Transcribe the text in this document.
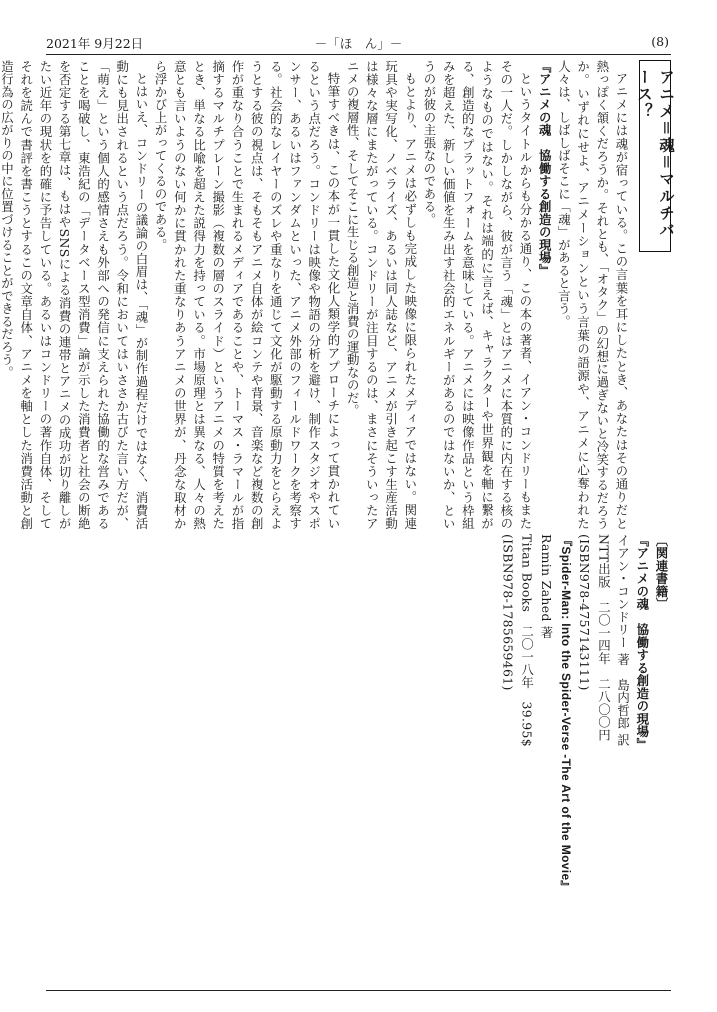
2021年 9月22日	－「ほ　ん」－	(8)
アニメ＝魂＝マルチバース？

アニメには魂が宿っている。この言葉を耳にしたとき、あなたはその通りだと熱っぽく頷くだろうか。それとも、「オタク」の幻想に過ぎないと冷笑するだろうか。いずれにせよ、アニメーションという言葉の語源や、アニメに心奪われた人々は、しばしばそこに「魂」があると言う。

『アニメの魂　協働する創造の現場』

というタイトルからも分かる通り、この本の著者、イアン・コンドリーもまたその一人だ。しかしながら、彼が言う「魂」とはアニメに本質的に内在する核のようなものではない。それは端的に言えば、キャラクターや世界観を軸に繋がる、創造的なプラットフォームを意味している。アニメには映像作品という枠組みを超えた、新しい価値を生み出す社会的エネルギーがあるのではないか、というのが彼の主張なのである。

もとより、アニメは必ずしも完成した映像に限られたメディアではない。関連玩具や実写化、ノベライズ、あるいは同人誌など、アニメが引き起こす生産活動は様々な層にまたがっている。コンドリーが注目するのは、まさにそういったアニメの複層性、そしてそこに生じる創造と消費の運動なのだ。

特筆すべきは、この本が一貫した文化人類学的アプローチによって貫かれているという点だろう。コンドリーは映像や物語の分析を避け、制作スタジオやスポンサー、あるいはファンダムといった、アニメ外部のフィールドワークを考察する。社会的なレイヤーのズレや重なりを通じて文化が駆動する原動力をとらえようとする彼の視点は、そもそもアニメ自体が絵コンテや背景、音楽など複数の創作が重なり合うことで生まれるメディアであることや、トーマス・ラマールが指摘するマルチプレーン撮影（複数の層のスライド）というアニメの特質を考えたとき、単なる比喩を超えた説得力を持っている。市場原理とは異なる、人々の熱意とも言いようのない何かに貫かれた重なりあうアニメの世界が、丹念な取材から浮かび上がってくるのである。

とはいえ、コンドリーの議論の白眉は、「魂」が制作過程だけではなく、消費活動にも見出されるという点だろう。令和においてはいささか古びた言い方だが、「萌え」という個人的感情さえも外部への発信に支えられた協働的な営みであることを喝破し、東浩紀の「データベース型消費」論が示した消費者と社会の断絶を否定する第七章は、もはやSNSによる消費の連帯とアニメの成功が切り離しがたい近年の現状を的確に予告している。あるいはコンドリーの著作自体、そしてそれを読んで書評を書こうとするこの文章自体、アニメを軸とした消費活動と創造行為の広がりの中に位置づけることができるだろう。

〔関連書籍〕

『アニメの魂　協働する創造の現場』

イアン・コンドリー 著　島内哲郎 訳

NTT出版　二〇一四年　二八〇〇円

(ISBN978-4757143111)

『Spider-Man: Into the Spider-Verse -The Art of the Movie』

Ramin Zahed 著

Titan Books　二〇一八年　39.95$

(ISBN978-1785659461)
